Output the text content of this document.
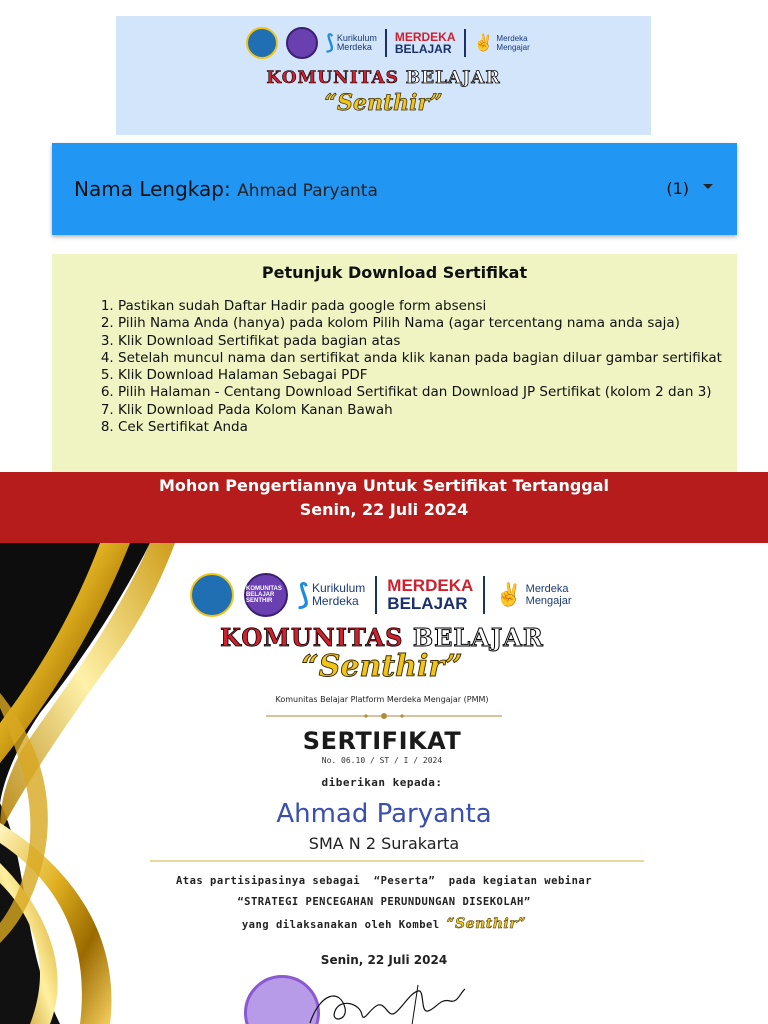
⟆ Kurikulum
Merdeka
MERDEKA
BELAJAR ✌ Merdeka
Mengajar
KOMUNITAS BELAJAR
“Senthir”
Nama Lengkap: Ahmad Paryanta	(1)
Petunjuk Download Sertifikat
1. Pastikan sudah Daftar Hadir pada google form absensi
2. Pilih Nama Anda (hanya) pada kolom Pilih Nama (agar tercentang nama anda saja)
3. Klik Download Sertifikat pada bagian atas
4. Setelah muncul nama dan sertifikat anda klik kanan pada bagian diluar gambar sertifikat
5. Klik Download Halaman Sebagai PDF
6. Pilih Halaman - Centang Download Sertifikat dan Download JP Sertifikat (kolom 2 dan 3)
7. Klik Download Pada Kolom Kanan Bawah
8. Cek Sertifikat Anda
Mohon Pengertiannya Untuk Sertifikat Tertanggal
Senin, 22 Juli 2024
KOMUNITAS BELAJAR SENTHIR ⟆ Kurikulum
Merdeka
MERDEKA
BELAJAR ✌ Merdeka
Mengajar
KOMUNITAS BELAJAR
“Senthir”
Komunitas Belajar Platform Merdeka Mengajar (PMM)
SERTIFIKAT
No. 06.10 / ST / I / 2024
diberikan kepada:
Ahmad Paryanta
SMA N 2 Surakarta
Atas partisipasinya sebagai  “Peserta”  pada kegiatan webinar
“STRATEGI PENCEGAHAN PERUNDUNGAN DISEKOLAH”
yang dilaksanakan oleh Kombel “Senthir”
Senin, 22 Juli 2024
